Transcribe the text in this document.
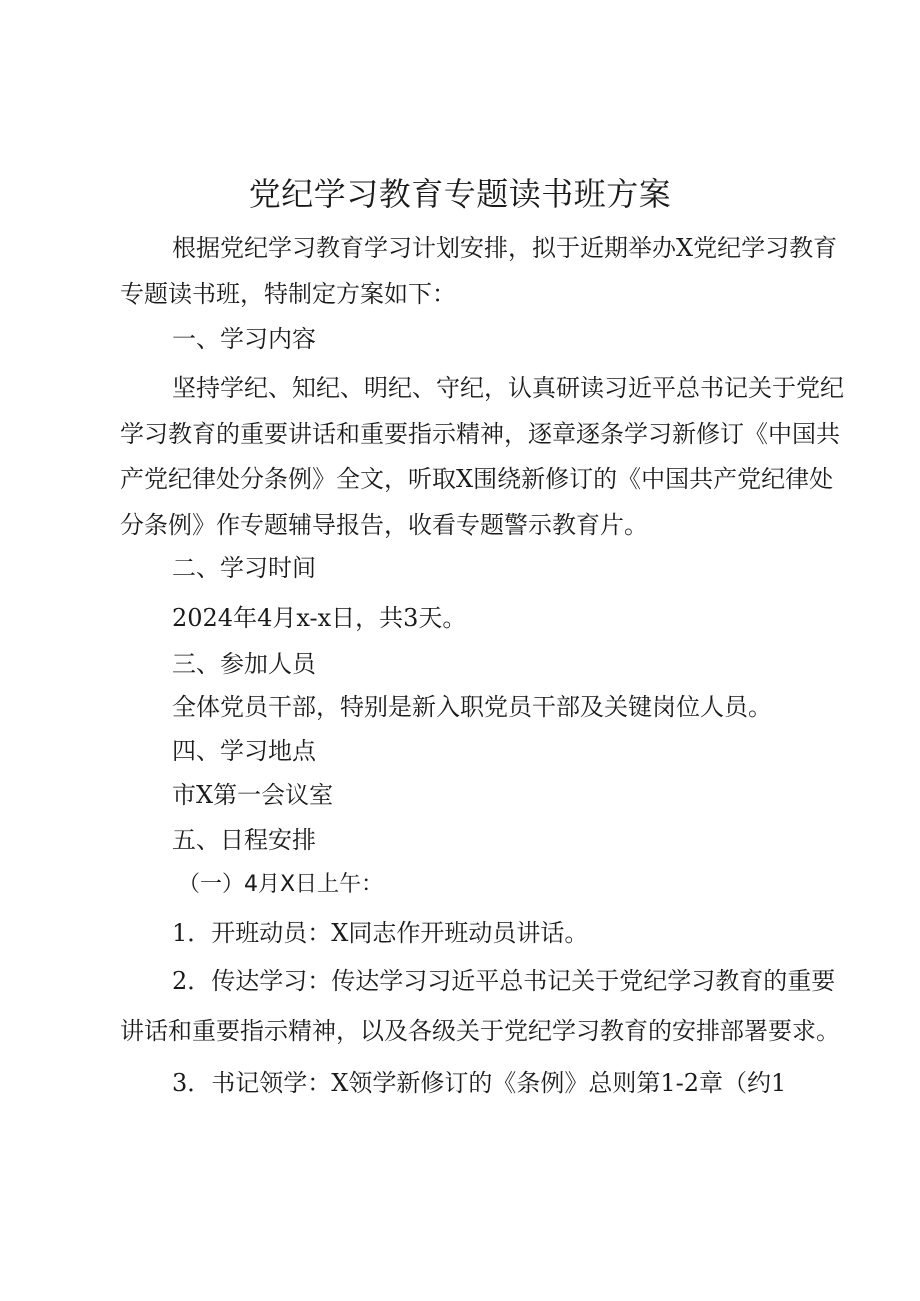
党纪学习教育专题读书班方案
根据党纪学习教育学习计划安排，拟于近期举办X党纪学习教育
专题读书班，特制定方案如下：
一、学习内容
坚持学纪、知纪、明纪、守纪，认真研读习近平总书记关于党纪
学习教育的重要讲话和重要指示精神，逐章逐条学习新修订《中国共
产党纪律处分条例》全文，听取X围绕新修订的《中国共产党纪律处
分条例》作专题辅导报告，收看专题警示教育片。
二、学习时间
2024年4月x-x日，共3天。
三、参加人员
全体党员干部，特别是新入职党员干部及关键岗位人员。
四、学习地点
市X第一会议室
五、日程安排
（一）4月X日上午：
1．开班动员：X同志作开班动员讲话。
2．传达学习：传达学习习近平总书记关于党纪学习教育的重要
讲话和重要指示精神，以及各级关于党纪学习教育的安排部署要求。
3．书记领学：X领学新修订的《条例》总则第1-2章（约1
